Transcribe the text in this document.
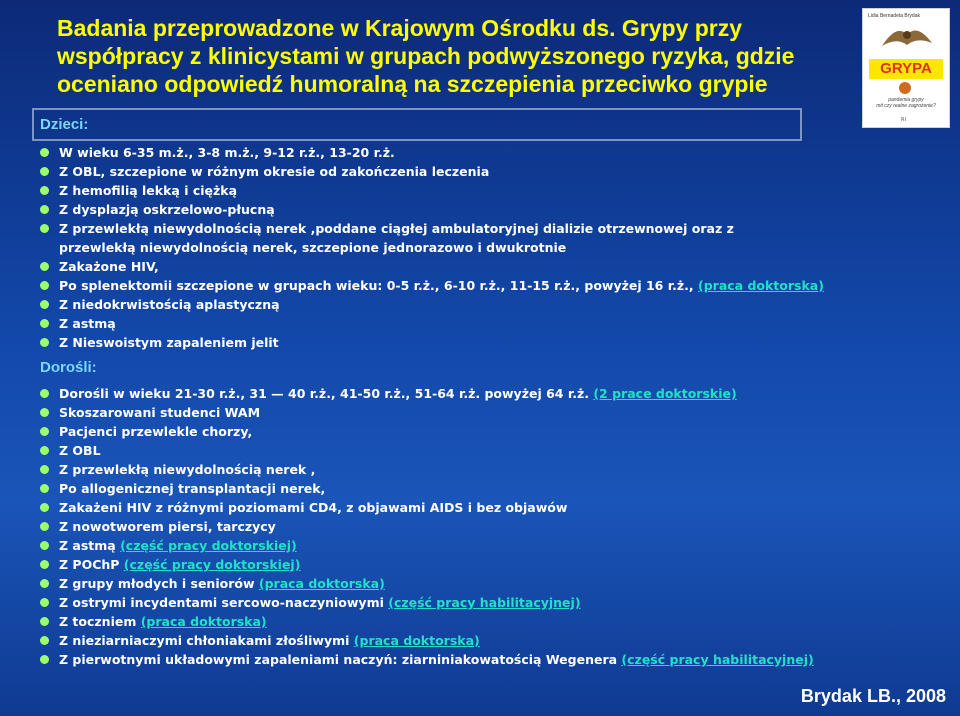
Badania przeprowadzone w Krajowym Ośrodku ds. Grypy przy współpracy z klinicystami w grupach podwyższonego ryzyka, gdzie oceniano odpowiedź humoralną na szczepienia przeciwko grypie
Lidia Bernadeta Brydak
GRYPA
pandemia grypy
mit czy realne zagrożenie?
RI
Dzieci:
W wieku 6-35 m.ż., 3-8 m.ż., 9-12 r.ż., 13-20 r.ż.
Z OBL, szczepione w różnym okresie od zakończenia leczenia
Z hemofilią lekką i ciężką
Z dysplazją oskrzelowo-płucną
Z przewlekłą niewydolnością nerek ,poddane ciągłej ambulatoryjnej dializie otrzewnowej oraz z przewlekłą niewydolnością nerek, szczepione jednorazowo i dwukrotnie
Zakażone HIV,
Po splenektomii szczepione w grupach wieku: 0-5 r.ż., 6-10 r.ż., 11-15 r.ż., powyżej 16 r.ż., (praca doktorska)
Z niedokrwistością aplastyczną
Z astmą
Z Nieswoistym zapaleniem jelit
Dorośli:
Dorośli w wieku 21-30 r.ż., 31 — 40 r.ż., 41-50 r.ż., 51-64 r.ż. powyżej 64 r.ż. (2 prace doktorskie)
Skoszarowani studenci WAM
Pacjenci przewlekle chorzy,
Z OBL
Z przewlekłą niewydolnością nerek ,
Po allogenicznej transplantacji nerek,
Zakażeni HIV z różnymi poziomami CD4, z objawami AIDS i bez objawów
Z nowotworem piersi, tarczycy
Z astmą (część pracy doktorskiej)
Z POChP (część pracy doktorskiej)
Z grupy młodych i seniorów (praca doktorska)
Z ostrymi incydentami sercowo-naczyniowymi (część pracy habilitacyjnej)
Z toczniem (praca doktorska)
Z nieziarniaczymi chłoniakami złośliwymi (praca doktorska)
Z pierwotnymi układowymi zapaleniami naczyń: ziarniniakowatością Wegenera (część pracy habilitacyjnej)
Brydak LB., 2008
